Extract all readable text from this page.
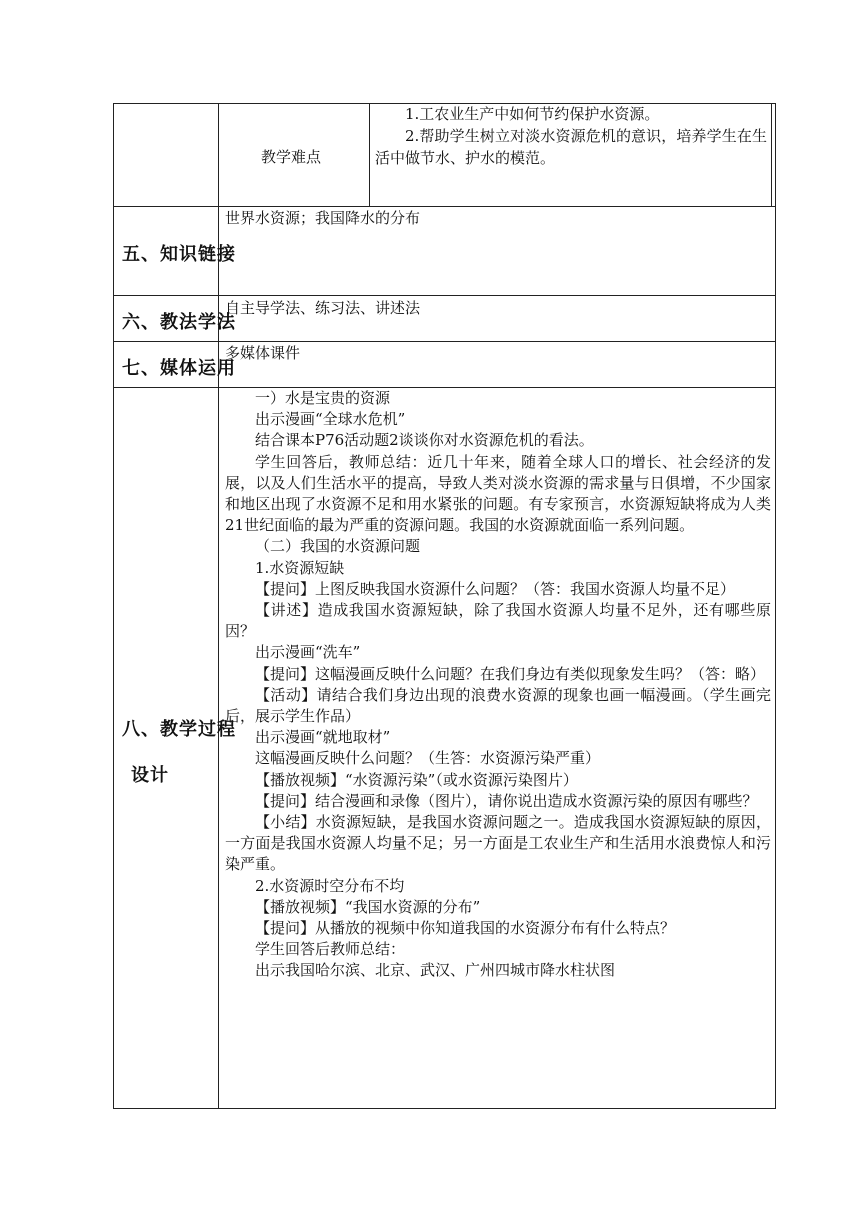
教学难点

1.工农业生产中如何节约保护水资源。

2.帮助学生树立对淡水资源危机的意识，培养学生在生活中做节水、护水的模范。

五、知识链接
世界水资源；我国降水的分布
六、教法学法
自主导学法、练习法、讲述法
七、媒体运用
多媒体课件
八、教学过程
设计

一）水是宝贵的资源

出示漫画“全球水危机”

结合课本P76活动题2谈谈你对水资源危机的看法。

学生回答后，教师总结：近几十年来，随着全球人口的增长、社会经济的发展，以及人们生活水平的提高，导致人类对淡水资源的需求量与日俱增，不少国家和地区出现了水资源不足和用水紧张的问题。有专家预言，水资源短缺将成为人类21世纪面临的最为严重的资源问题。我国的水资源就面临一系列问题。

（二）我国的水资源问题

1.水资源短缺

【提问】上图反映我国水资源什么问题？（答：我国水资源人均量不足）

【讲述】造成我国水资源短缺，除了我国水资源人均量不足外，还有哪些原因？

出示漫画“洗车”

【提问】这幅漫画反映什么问题？在我们身边有类似现象发生吗？（答：略）

【活动】请结合我们身边出现的浪费水资源的现象也画一幅漫画。（学生画完后，展示学生作品）

出示漫画“就地取材”

这幅漫画反映什么问题？（生答：水资源污染严重）

【播放视频】“水资源污染”（或水资源污染图片）

【提问】结合漫画和录像（图片），请你说出造成水资源污染的原因有哪些？

【小结】水资源短缺，是我国水资源问题之一。造成我国水资源短缺的原因，一方面是我国水资源人均量不足；另一方面是工农业生产和生活用水浪费惊人和污染严重。

2.水资源时空分布不均

【播放视频】“我国水资源的分布”

【提问】从播放的视频中你知道我国的水资源分布有什么特点？

学生回答后教师总结：

出示我国哈尔滨、北京、武汉、广州四城市降水柱状图
